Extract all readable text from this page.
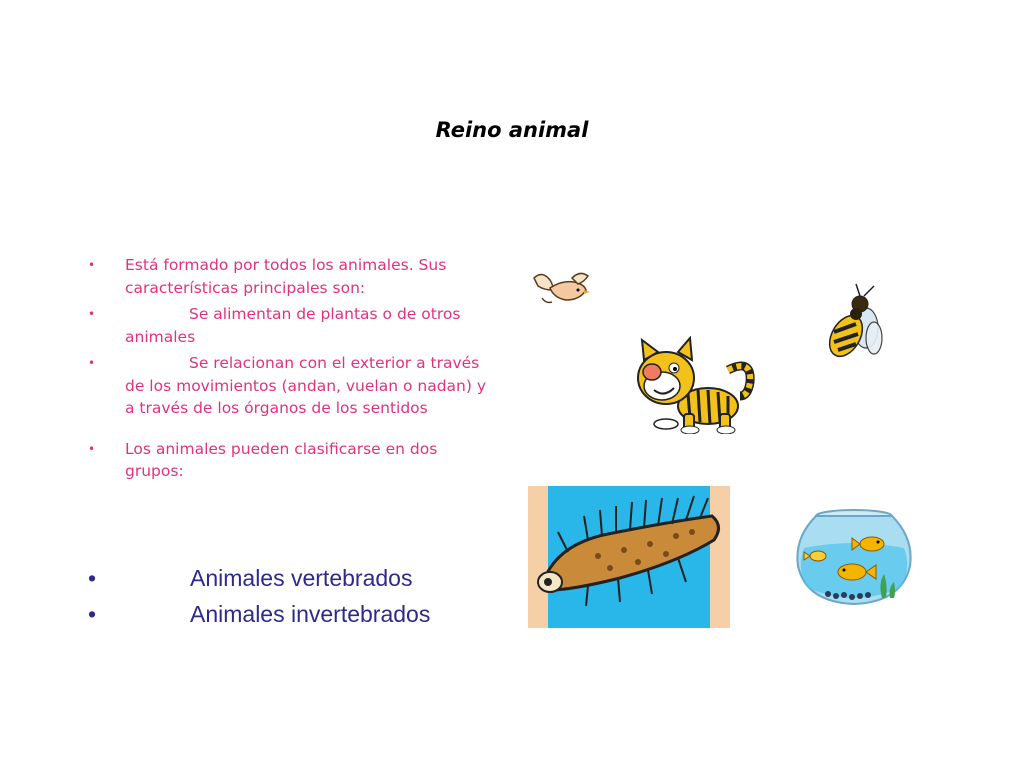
Reino animal
• Está formado por todos los animales. Sus características principales son:
•	Se alimentan de plantas o de otros animales
•	Se relacionan con el exterior a través de los movimientos (andan, vuelan o nadan) y a través de los órganos de los sentidos
• Los animales pueden clasificarse en dos grupos:
•	Animales vertebrados
•	Animales invertebrados
